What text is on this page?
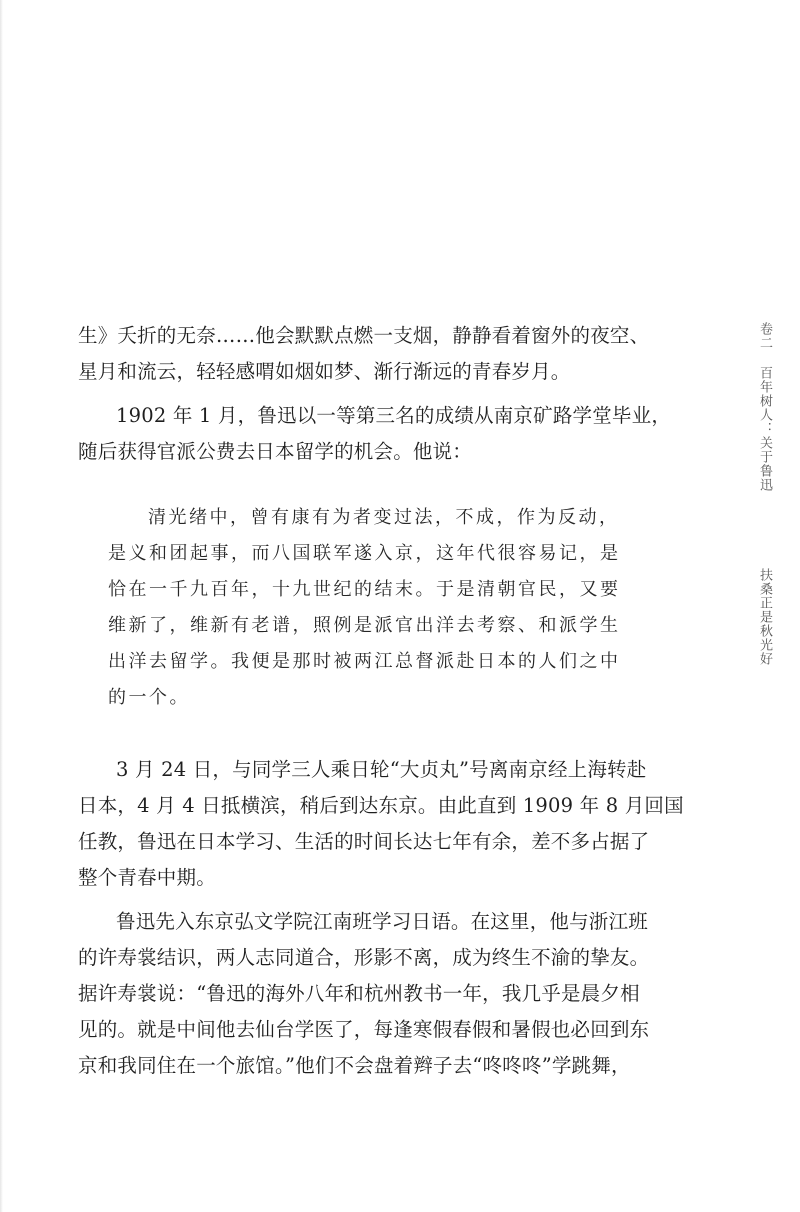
生》夭折的无奈……他会默默点燃一支烟，静静看着窗外的夜空、
星月和流云，轻轻感喟如烟如梦、渐行渐远的青春岁月。
1902 年 1 月，鲁迅以一等第三名的成绩从南京矿路学堂毕业，
随后获得官派公费去日本留学的机会。他说：
清光绪中，曾有康有为者变过法，不成，作为反动，
是义和团起事，而八国联军遂入京，这年代很容易记，是
恰在一千九百年，十九世纪的结末。于是清朝官民，又要
维新了，维新有老谱，照例是派官出洋去考察、和派学生
出洋去留学。我便是那时被两江总督派赴日本的人们之中
的一个。
3 月 24 日，与同学三人乘日轮“大贞丸”号离南京经上海转赴
日本，4 月 4 日抵横滨，稍后到达东京。由此直到 1909 年 8 月回国
任教，鲁迅在日本学习、生活的时间长达七年有余，差不多占据了
整个青春中期。
鲁迅先入东京弘文学院江南班学习日语。在这里，他与浙江班
的许寿裳结识，两人志同道合，形影不离，成为终生不渝的挚友。
据许寿裳说：“鲁迅的海外八年和杭州教书一年，我几乎是晨夕相
见的。就是中间他去仙台学医了，每逢寒假春假和暑假也必回到东
京和我同住在一个旅馆。”他们不会盘着辫子去“咚咚咚”学跳舞，
卷二 百年树人：关于鲁迅
扶桑正是秋光好
